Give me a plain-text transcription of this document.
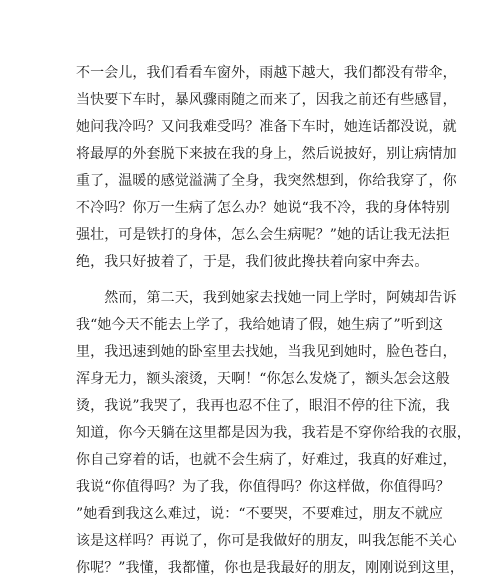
不一会儿，我们看看车窗外，雨越下越大，我们都没有带伞，
当快要下车时，暴风骤雨随之而来了，因我之前还有些感冒，
她问我冷吗？又问我难受吗？准备下车时，她连话都没说，就
将最厚的外套脱下来披在我的身上，然后说披好，别让病情加
重了，温暖的感觉溢满了全身，我突然想到，你给我穿了，你
不冷吗？你万一生病了怎么办？她说“我不冷，我的身体特别
强壮，可是铁打的身体，怎么会生病呢？”她的话让我无法拒
绝，我只好披着了，于是，我们彼此搀扶着向家中奔去。
　　然而，第二天，我到她家去找她一同上学时，阿姨却告诉
我“她今天不能去上学了，我给她请了假，她生病了”听到这
里，我迅速到她的卧室里去找她，当我见到她时，脸色苍白，
浑身无力，额头滚烫，天啊！“你怎么发烧了，额头怎会这般
烫，我说”我哭了，我再也忍不住了，眼泪不停的往下流，我
知道，你今天躺在这里都是因为我，我若是不穿你给我的衣服，
你自己穿着的话，也就不会生病了，好难过，我真的好难过，
我说“你值得吗？为了我，你值得吗？你这样做，你值得吗？
”她看到我这么难过，说：“不要哭，不要难过，朋友不就应
该是这样吗？再说了，你可是我做好的朋友，叫我怎能不关心
你呢？”我懂，我都懂，你也是我最好的朋友，刚刚说到这里，
